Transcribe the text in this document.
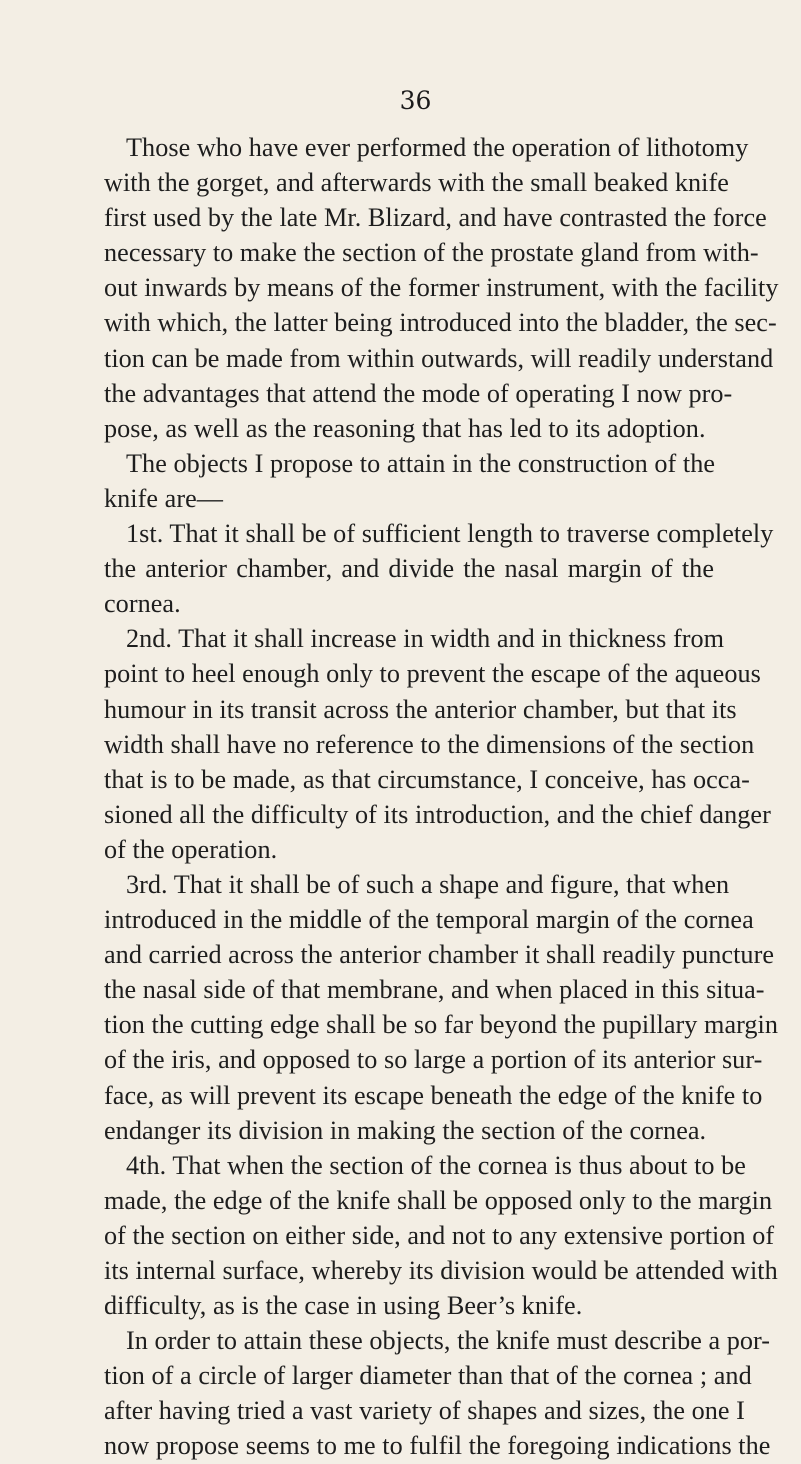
36
Those who have ever performed the operation of lithotomy
with the gorget, and afterwards with the small beaked knife
first used by the late Mr. Blizard, and have contrasted the force
necessary to make the section of the prostate gland from with-
out inwards by means of the former instrument, with the facility
with which, the latter being introduced into the bladder, the sec-
tion can be made from within outwards, will readily understand
the advantages that attend the mode of operating I now pro-
pose, as well as the reasoning that has led to its adoption.
The objects I propose to attain in the construction of the
knife are—
1st. That it shall be of sufficient length to traverse completely
the anterior chamber, and divide the nasal margin of the
cornea.
2nd. That it shall increase in width and in thickness from
point to heel enough only to prevent the escape of the aqueous
humour in its transit across the anterior chamber, but that its
width shall have no reference to the dimensions of the section
that is to be made, as that circumstance, I conceive, has occa-
sioned all the difficulty of its introduction, and the chief danger
of the operation.
3rd. That it shall be of such a shape and figure, that when
introduced in the middle of the temporal margin of the cornea
and carried across the anterior chamber it shall readily puncture
the nasal side of that membrane, and when placed in this situa-
tion the cutting edge shall be so far beyond the pupillary margin
of the iris, and opposed to so large a portion of its anterior sur-
face, as will prevent its escape beneath the edge of the knife to
endanger its division in making the section of the cornea.
4th. That when the section of the cornea is thus about to be
made, the edge of the knife shall be opposed only to the margin
of the section on either side, and not to any extensive portion of
its internal surface, whereby its division would be attended with
difficulty, as is the case in using Beer’s knife.
In order to attain these objects, the knife must describe a por-
tion of a circle of larger diameter than that of the cornea ; and
after having tried a vast variety of shapes and sizes, the one I
now propose seems to me to fulfil the foregoing indications the
